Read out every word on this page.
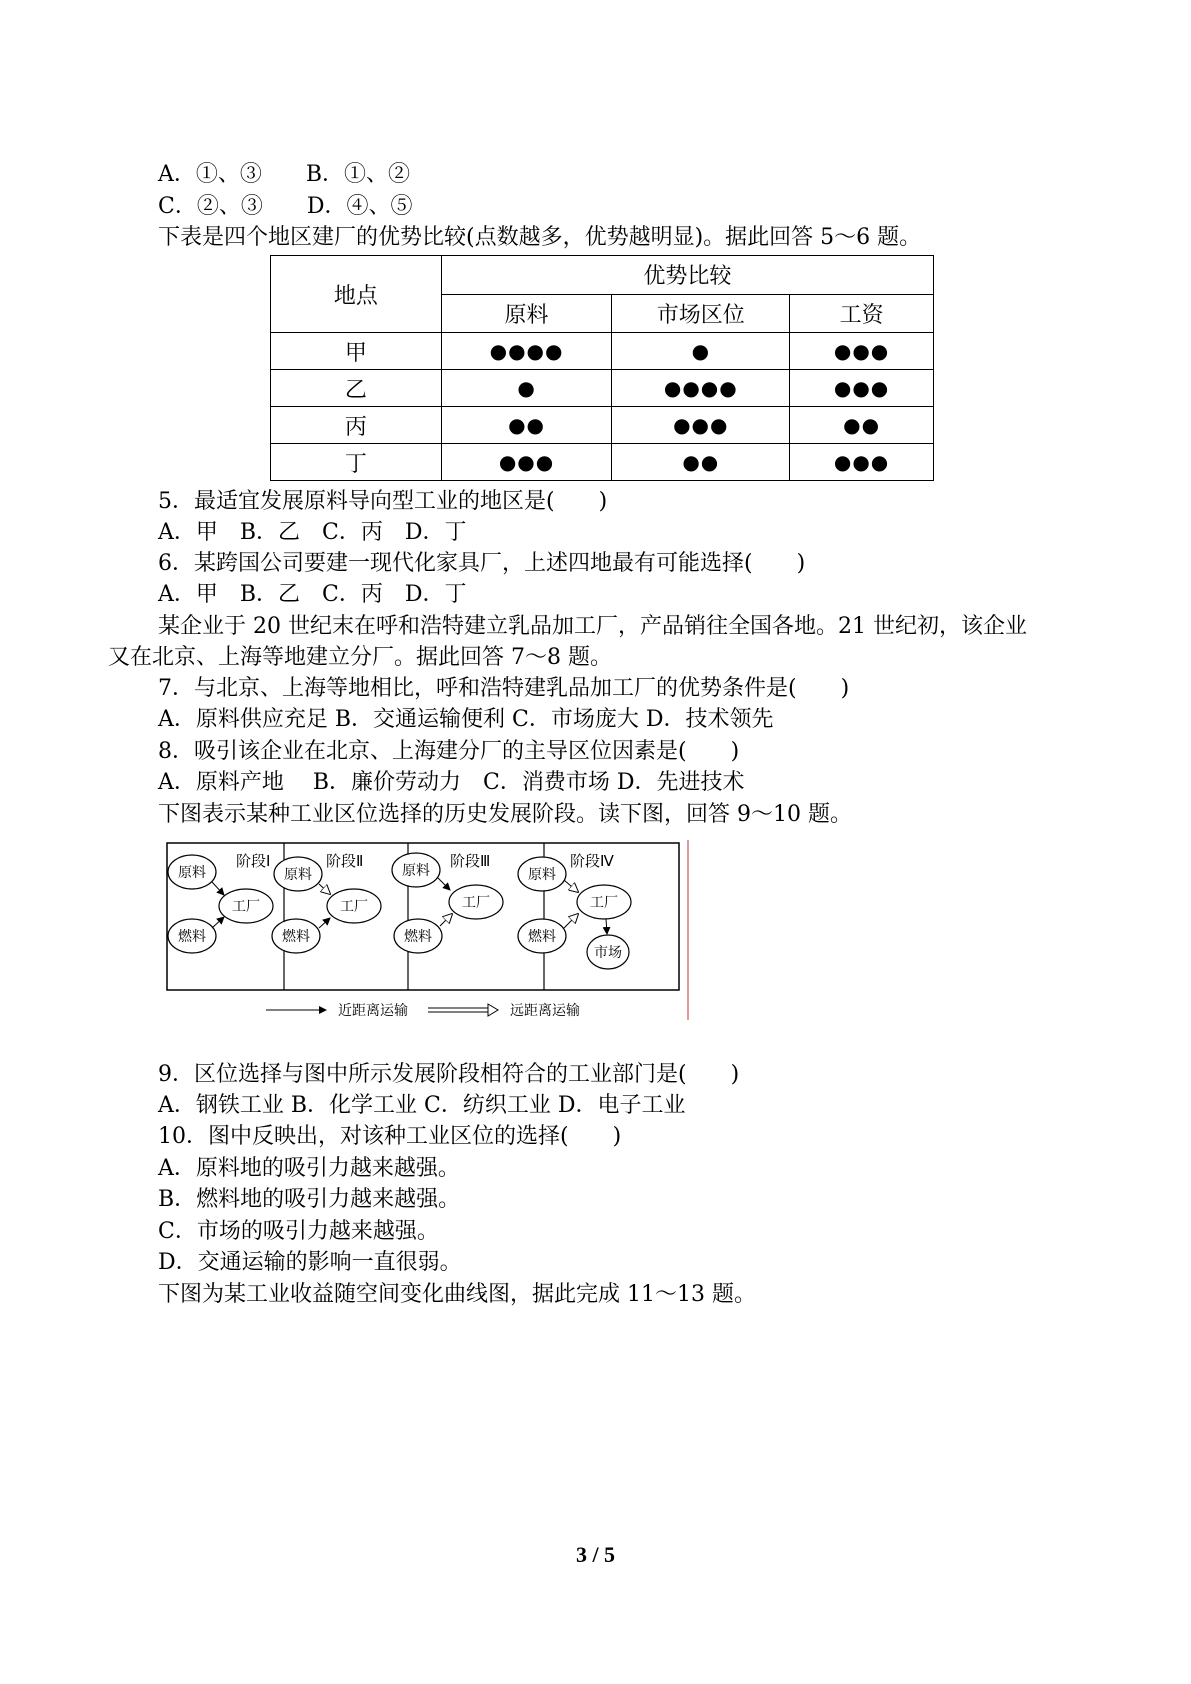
A．①、③　　B．①、②
C．②、③　　D．④、⑤
下表是四个地区建厂的优势比较(点数越多，优势越明显)。据此回答 5～6 题。
地点	优势比较		
	原料	市场区位	工资
甲	●●●●	●	●●●
乙	●	●●●●	●●●
丙	●●	●●●	●●
丁	●●●	●●	●●●
5．最适宜发展原料导向型工业的地区是(　　)
A．甲　B．乙　C．丙　D．丁
6．某跨国公司要建一现代化家具厂，上述四地最有可能选择(　　)
A．甲　B．乙　C．丙　D．丁
某企业于 20 世纪末在呼和浩特建立乳品加工厂，产品销往全国各地。21 世纪初，该企业
又在北京、上海等地建立分厂。据此回答 7～8 题。
7．与北京、上海等地相比，呼和浩特建乳品加工厂的优势条件是(　　)
A．原料供应充足 B．交通运输便利 C．市场庞大 D．技术领先
8．吸引该企业在北京、上海建分厂的主导区位因素是(　　)
A．原料产地　 B．廉价劳动力　C．消费市场 D．先进技术
下图表示某种工业区位选择的历史发展阶段。读下图，回答 9～10 题。
阶段Ⅰ
原料
燃料
工厂
阶段Ⅱ
原料
燃料
工厂
阶段Ⅲ
原料
燃料
工厂
阶段Ⅳ
原料
燃料
工厂
市场
近距离运输	远距离运输
9．区位选择与图中所示发展阶段相符合的工业部门是(　　)
A．钢铁工业 B．化学工业 C．纺织工业 D．电子工业
10．图中反映出，对该种工业区位的选择(　　)
A．原料地的吸引力越来越强。
B．燃料地的吸引力越来越强。
C．市场的吸引力越来越强。
D．交通运输的影响一直很弱。
下图为某工业收益随空间变化曲线图，据此完成 11～13 题。
3 / 5
